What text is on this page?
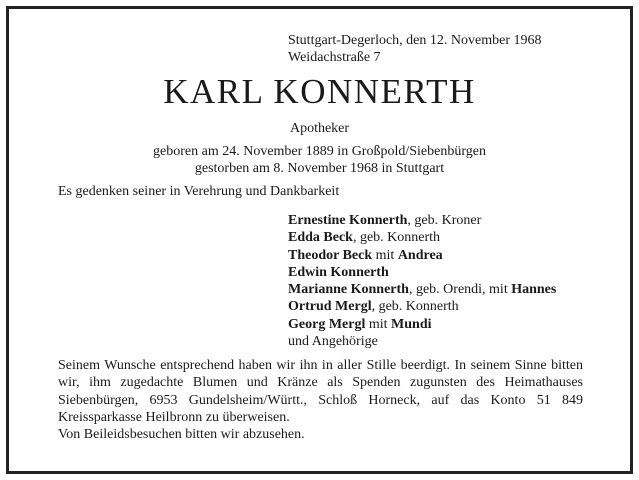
Stuttgart-Degerloch, den 12. November 1968
Weidachstraße 7
KARL KONNERTH
Apotheker
geboren am 24. November 1889 in Großpold/Siebenbürgen
gestorben am 8. November 1968 in Stuttgart
Es gedenken seiner in Verehrung und Dankbarkeit
Ernestine Konnerth, geb. Kroner
Edda Beck, geb. Konnerth
Theodor Beck mit Andrea
Edwin Konnerth
Marianne Konnerth, geb. Orendi, mit Hannes
Ortrud Mergl, geb. Konnerth
Georg Mergl mit Mundi
und Angehörige

Seinem Wunsche entsprechend haben wir ihn in aller Stille beerdigt. In seinem Sinne bitten wir, ihm zugedachte Blumen und Kränze als Spenden zugunsten des Heimathauses Siebenbürgen, 6953 Gundelsheim/Württ., Schloß Horneck, auf das Konto 51 849 Kreissparkasse Heilbronn zu überweisen.

Von Beileidsbesuchen bitten wir abzusehen.
